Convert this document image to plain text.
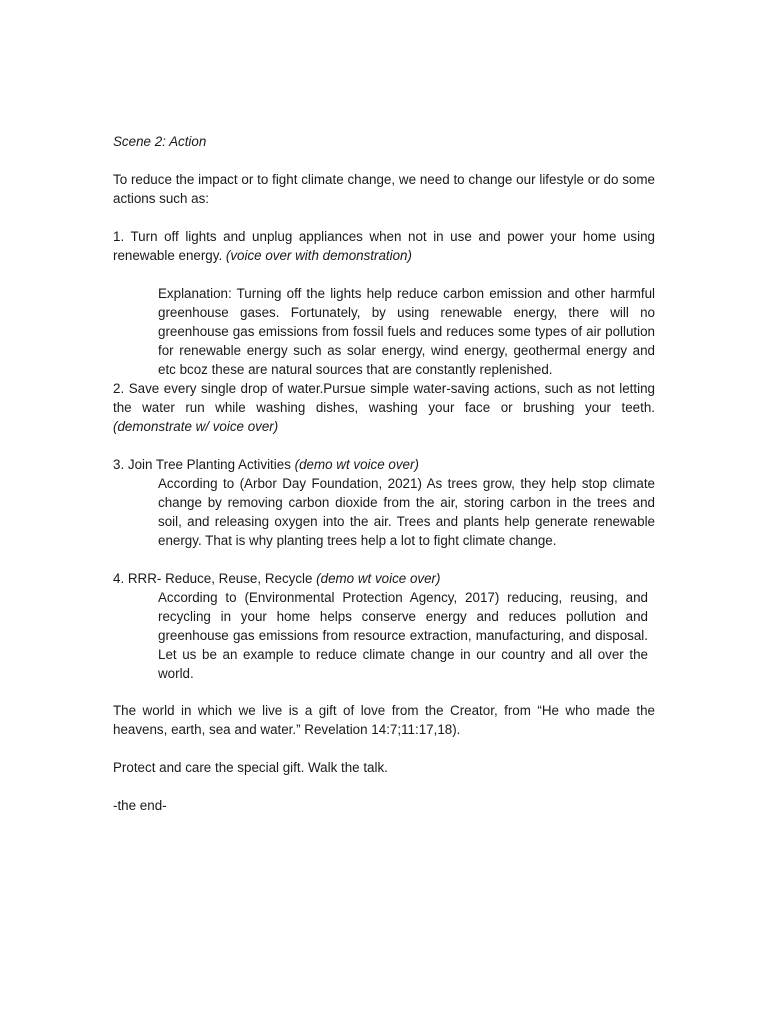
Scene 2: Action

To reduce the impact or to fight climate change, we need to change our lifestyle or do some actions such as:

1. Turn off lights and unplug appliances when not in use and power your home using renewable energy. (voice over with demonstration)

Explanation: Turning off the lights help reduce carbon emission and other harmful greenhouse gases. Fortunately, by using renewable energy, there will no greenhouse gas emissions from fossil fuels and reduces some types of air pollution for renewable energy such as solar energy, wind energy, geothermal energy and etc bcoz these are natural sources that are constantly replenished.

2. Save every single drop of water.Pursue simple water-saving actions, such as not letting the water run while washing dishes, washing your face or brushing your teeth. (demonstrate w/ voice over)

3. Join Tree Planting Activities (demo wt voice over)

According to (Arbor Day Foundation, 2021) As trees grow, they help stop climate change by removing carbon dioxide from the air, storing carbon in the trees and soil, and releasing oxygen into the air. Trees and plants help generate renewable energy. That is why planting trees help a lot to fight climate change.

4. RRR- Reduce, Reuse, Recycle (demo wt voice over)

According to (Environmental Protection Agency, 2017) reducing, reusing, and recycling in your home helps conserve energy and reduces pollution and greenhouse gas emissions from resource extraction, manufacturing, and disposal. Let us be an example to reduce climate change in our country and all over the world.

The world in which we live is a gift of love from the Creator, from “He who made the heavens, earth, sea and water.” Revelation 14:7;11:17,18).

Protect and care the special gift. Walk the talk.

-the end-
